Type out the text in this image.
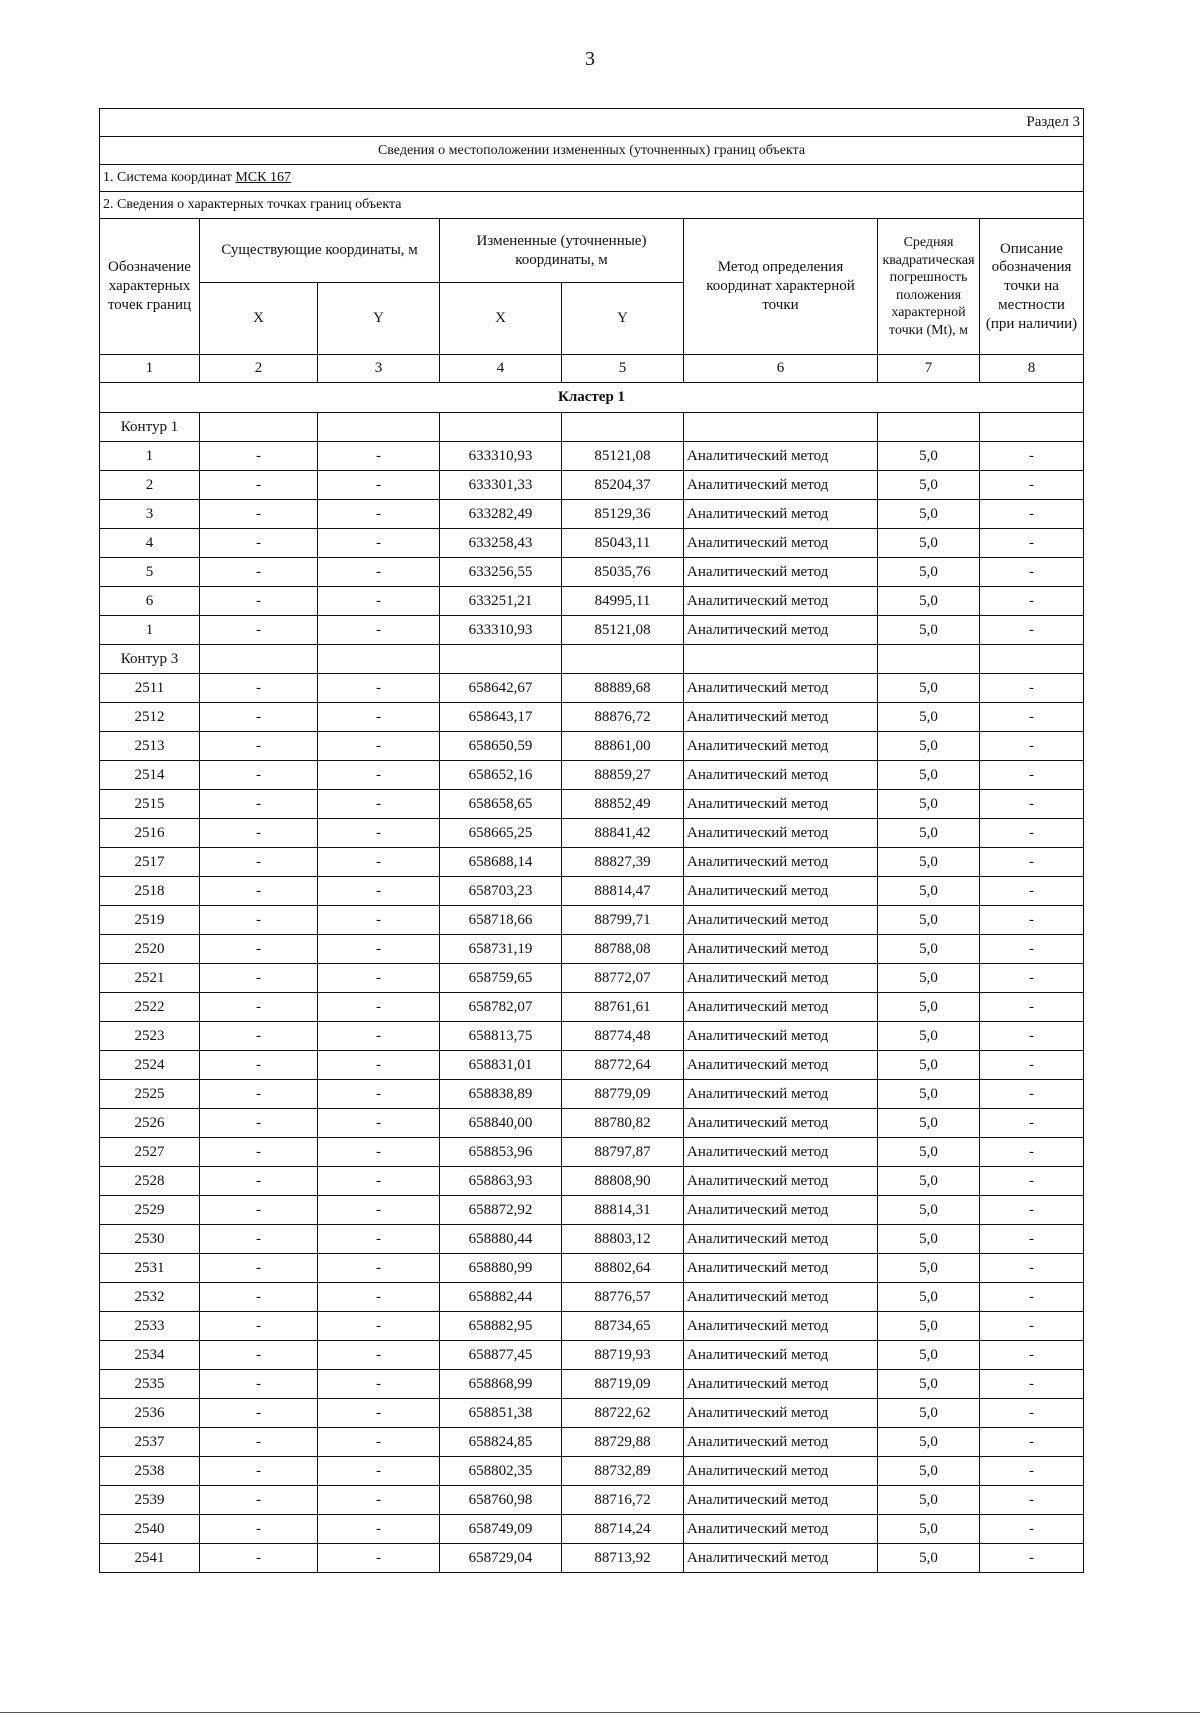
3
Раздел 3							
Сведения о местоположении измененных (уточненных) границ объекта							
1. Система координат МСК 167							
2. Сведения о характерных точках границ объекта							
Обозначение характерных точек границ	Существующие координаты, м		Измененные (уточненные) координаты, м		Метод определения координат характерной точки	Средняя квадратическая погрешность положения характерной точки (Mt), м	Описание обозначения точки на местности (при наличии)
	X	Y	X	Y			
1	2	3	4	5	6	7	8
Кластер 1							
Контур 1							
1	-	-	633310,93	85121,08	Аналитический метод	5,0	-
2	-	-	633301,33	85204,37	Аналитический метод	5,0	-
3	-	-	633282,49	85129,36	Аналитический метод	5,0	-
4	-	-	633258,43	85043,11	Аналитический метод	5,0	-
5	-	-	633256,55	85035,76	Аналитический метод	5,0	-
6	-	-	633251,21	84995,11	Аналитический метод	5,0	-
1	-	-	633310,93	85121,08	Аналитический метод	5,0	-
Контур 3							
2511	-	-	658642,67	88889,68	Аналитический метод	5,0	-
2512	-	-	658643,17	88876,72	Аналитический метод	5,0	-
2513	-	-	658650,59	88861,00	Аналитический метод	5,0	-
2514	-	-	658652,16	88859,27	Аналитический метод	5,0	-
2515	-	-	658658,65	88852,49	Аналитический метод	5,0	-
2516	-	-	658665,25	88841,42	Аналитический метод	5,0	-
2517	-	-	658688,14	88827,39	Аналитический метод	5,0	-
2518	-	-	658703,23	88814,47	Аналитический метод	5,0	-
2519	-	-	658718,66	88799,71	Аналитический метод	5,0	-
2520	-	-	658731,19	88788,08	Аналитический метод	5,0	-
2521	-	-	658759,65	88772,07	Аналитический метод	5,0	-
2522	-	-	658782,07	88761,61	Аналитический метод	5,0	-
2523	-	-	658813,75	88774,48	Аналитический метод	5,0	-
2524	-	-	658831,01	88772,64	Аналитический метод	5,0	-
2525	-	-	658838,89	88779,09	Аналитический метод	5,0	-
2526	-	-	658840,00	88780,82	Аналитический метод	5,0	-
2527	-	-	658853,96	88797,87	Аналитический метод	5,0	-
2528	-	-	658863,93	88808,90	Аналитический метод	5,0	-
2529	-	-	658872,92	88814,31	Аналитический метод	5,0	-
2530	-	-	658880,44	88803,12	Аналитический метод	5,0	-
2531	-	-	658880,99	88802,64	Аналитический метод	5,0	-
2532	-	-	658882,44	88776,57	Аналитический метод	5,0	-
2533	-	-	658882,95	88734,65	Аналитический метод	5,0	-
2534	-	-	658877,45	88719,93	Аналитический метод	5,0	-
2535	-	-	658868,99	88719,09	Аналитический метод	5,0	-
2536	-	-	658851,38	88722,62	Аналитический метод	5,0	-
2537	-	-	658824,85	88729,88	Аналитический метод	5,0	-
2538	-	-	658802,35	88732,89	Аналитический метод	5,0	-
2539	-	-	658760,98	88716,72	Аналитический метод	5,0	-
2540	-	-	658749,09	88714,24	Аналитический метод	5,0	-
2541	-	-	658729,04	88713,92	Аналитический метод	5,0	-
